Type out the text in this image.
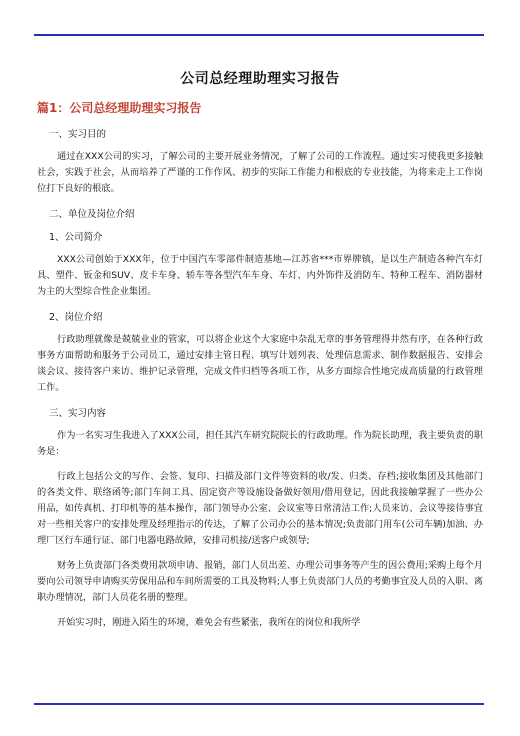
公司总经理助理实习报告
篇1：公司总经理助理实习报告
一、实习目的

通过在XXX公司的实习，了解公司的主要开展业务情况，了解了公司的工作流程。通过实习使我更多接触社会，实践于社会，从而培养了严谨的工作作风、初步的实际工作能力和根底的专业技能，为将来走上工作岗位打下良好的根底。

二、单位及岗位介绍
1、公司简介

XXX公司创始于XXX年，位于中国汽车零部件制造基地—江苏省***市界牌镇，是以生产制造各种汽车灯具、塑件、钣金和SUV、皮卡车身、轿车等各型汽车车身、车灯、内外饰件及消防车、特种工程车、消防器材为主的大型综合性企业集团。

2、岗位介绍

行政助理就像是兢兢业业的管家，可以将企业这个大家庭中杂乱无章的事务管理得井然有序，在各种行政事务方面帮助和服务于公司员工，通过安排主管日程、填写计划列表、处理信息需求、制作数据报告、安排会谈会议、接待客户来访、维护记录管理，完成文件归档等各项工作，从多方面综合性地完成高质量的行政管理工作。

三、实习内容

作为一名实习生我进入了XXX公司，担任其汽车研究院院长的行政助理。作为院长助理，我主要负责的职务是：

行政上包括公文的写作、会签、复印、扫描及部门文件等资料的收/发、归类、存档;接收集团及其他部门的各类文件、联络函等;部门车间工具、固定资产等设施设备做好领用/借用登记，因此我接触掌握了一些办公用品，如传真机、打印机等的基本操作，部门领导办公室、会议室等日常清洁工作;人员来访、会议等接待事宜对一些相关客户的安排处理及经理指示的传达，了解了公司办公的基本情况;负责部门用车(公司车辆)加油、办理厂区行车通行证、部门电器电路故障，安排司机接/送客户或领导;

财务上负责部门各类费用款项申请、报销，部门人员出差、办理公司事务等产生的因公费用;采购上每个月要向公司领导申请购买劳保用品和车间所需要的工具及物料;人事上负责部门人员的考勤事宜及人员的入职、离职办理情况，部门人员花名册的整理。

开始实习时，刚进入陌生的环境，难免会有些紧张，我所在的岗位和我所学
